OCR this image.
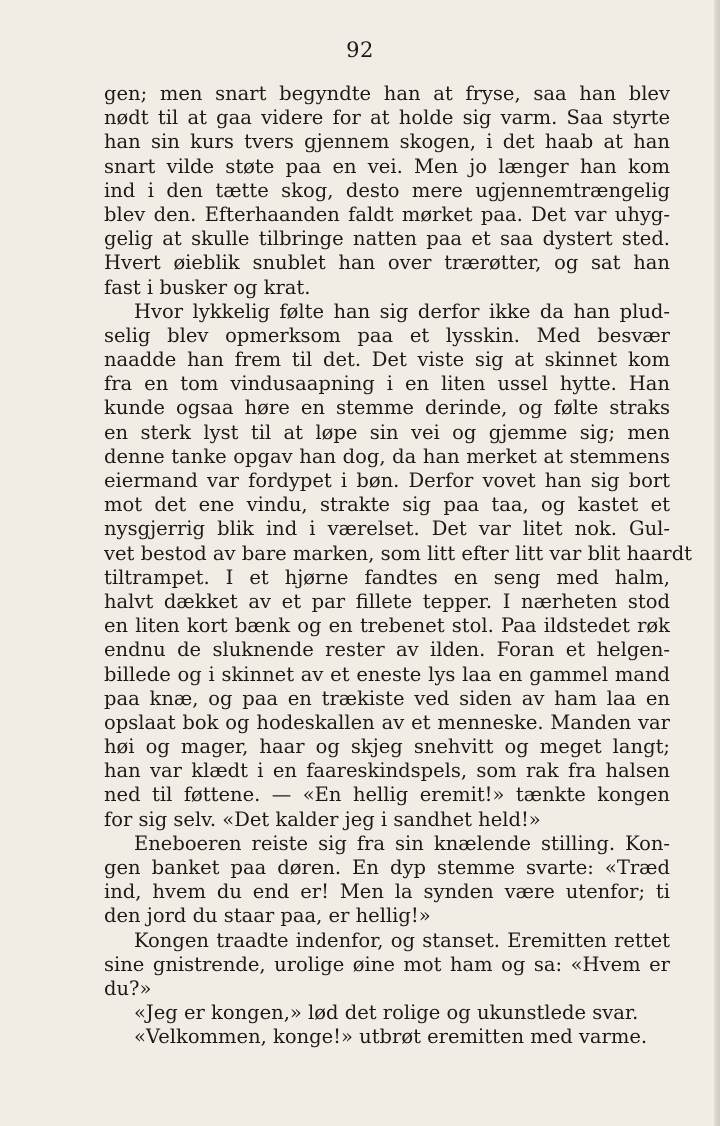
92
gen; men snart begyndte han at fryse, saa han blev
nødt til at gaa videre for at holde sig varm. Saa styrte
han sin kurs tvers gjennem skogen, i det haab at han
snart vilde støte paa en vei. Men jo længer han kom
ind i den tætte skog, desto mere ugjennemtrængelig
blev den. Efterhaanden faldt mørket paa. Det var uhyg-
gelig at skulle tilbringe natten paa et saa dystert sted.
Hvert øieblik snublet han over trærøtter, og sat han
fast i busker og krat.
Hvor lykkelig følte han sig derfor ikke da han plud-
selig blev opmerksom paa et lysskin. Med besvær
naadde han frem til det. Det viste sig at skinnet kom
fra en tom vindusaapning i en liten ussel hytte. Han
kunde ogsaa høre en stemme derinde, og følte straks
en sterk lyst til at løpe sin vei og gjemme sig; men
denne tanke opgav han dog, da han merket at stemmens
eiermand var fordypet i bøn. Derfor vovet han sig bort
mot det ene vindu, strakte sig paa taa, og kastet et
nysgjerrig blik ind i værelset. Det var litet nok. Gul-
vet bestod av bare marken, som litt efter litt var blit haardt
tiltrampet. I et hjørne fandtes en seng med halm,
halvt dækket av et par fillete tepper. I nærheten stod
en liten kort bænk og en trebenet stol. Paa ildstedet røk
endnu de sluknende rester av ilden. Foran et helgen-
billede og i skinnet av et eneste lys laa en gammel mand
paa knæ, og paa en trækiste ved siden av ham laa en
opslaat bok og hodeskallen av et menneske. Manden var
høi og mager, haar og skjeg snehvitt og meget langt;
han var klædt i en faareskindspels, som rak fra halsen
ned til føttene. — «En hellig eremit!» tænkte kongen
for sig selv. «Det kalder jeg i sandhet held!»
Eneboeren reiste sig fra sin knælende stilling. Kon-
gen banket paa døren. En dyp stemme svarte: «Træd
ind, hvem du end er! Men la synden være utenfor; ti
den jord du staar paa, er hellig!»
Kongen traadte indenfor, og stanset. Eremitten rettet
sine gnistrende, urolige øine mot ham og sa: «Hvem er
du?»
«Jeg er kongen,» lød det rolige og ukunstlede svar.
«Velkommen, konge!» utbrøt eremitten med varme.
